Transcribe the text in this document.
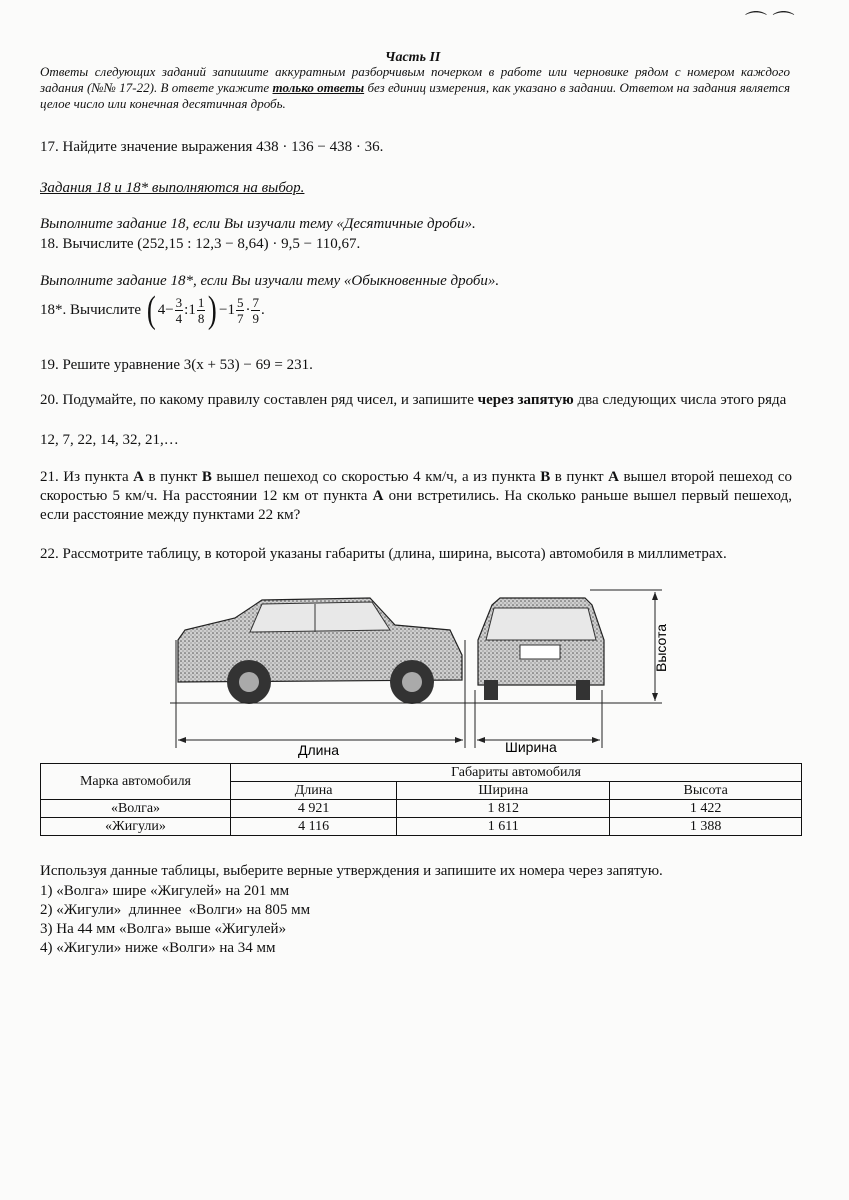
⌒ ⌒
Часть II
Ответы следующих заданий запишите аккуратным разборчивым почерком в работе или черновике рядом с номером каждого задания (№№ 17-22). В ответе укажите только ответы без единиц измерения, как указано в задании. Ответом на задания является целое число или конечная десятичная дробь.
17. Найдите значение выражения 438 · 136 − 438 · 36.
Задания 18 и 18* выполняются на выбор.
Выполните задание 18, если Вы изучали тему «Десятичные дроби».
18. Вычислите (252,15 : 12,3 − 8,64) · 9,5 − 110,67.
Выполните задание 18*, если Вы изучали тему «Обыкновенные дроби».
18*. Вычислите ( $4 - \frac{3}{4}$ :1 $\frac{1}{8}$ ) $-1 \frac{5}{7} \cdot \frac{7}{9}$ .
19. Решите уравнение 3(x + 53) − 69 = 231.
20. Подумайте, по какому правилу составлен ряд чисел, и запишите через запятую два следующих числа этого ряда
12, 7, 22, 14, 32, 21,…
21. Из пункта А в пункт В вышел пешеход со скоростью 4 км/ч, а из пункта В в пункт А вышел второй пешеход со скоростью 5 км/ч. На расстоянии 12 км от пункта А они встретились. На сколько раньше вышел первый пешеход, если расстояние между пунктами 22 км?
22. Рассмотрите таблицу, в которой указаны габариты (длина, ширина, высота) автомобиля в миллиметрах.
Длина	Ширина
Высота
Марка автомобиля	Габариты автомобиля		
	Длина	Ширина	Высота
«Волга»	4 921	1 812	1 422
«Жигули»	4 116	1 611	1 388
Используя данные таблицы, выберите верные утверждения и запишите их номера через запятую.
1) «Волга» шире «Жигулей» на 201 мм
2) «Жигули»  длиннее  «Волги» на 805 мм
3) На 44 мм «Волга» выше «Жигулей»
4) «Жигули» ниже «Волги» на 34 мм
